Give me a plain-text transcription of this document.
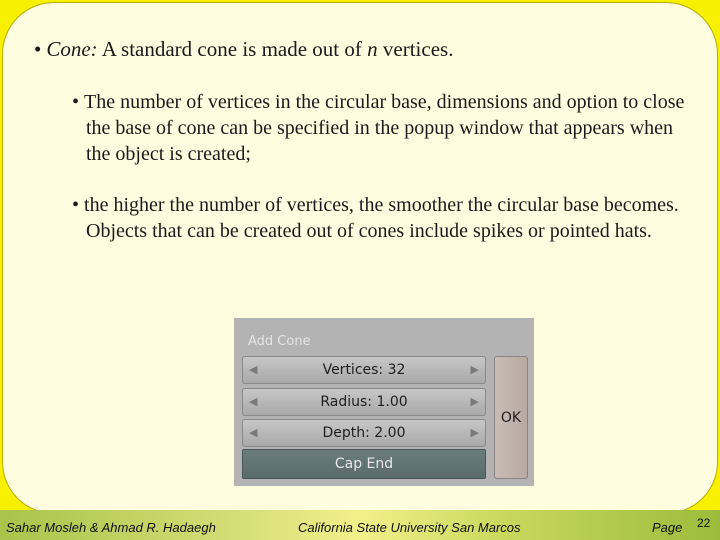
• Cone: A standard cone is made out of n vertices.
• The number of vertices in the circular base, dimensions and option to close the base of cone can be specified in the popup window that appears when the object is created;
• the higher the number of vertices, the smoother the circular base becomes. Objects that can be created out of cones include spikes or pointed hats.
Add Cone
◀	Vertices: 32	▶
◀	Radius: 1.00	▶
◀	Depth: 2.00	▶
Cap End
OK
Sahar Mosleh & Ahmad R. Hadaegh	California State University San Marcos	Page 22
